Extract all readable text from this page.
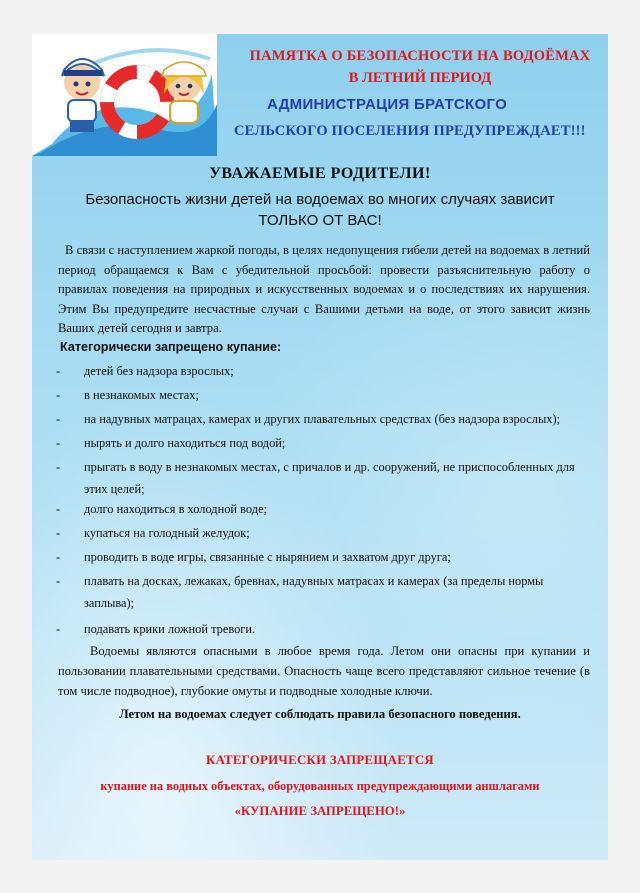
ПАМЯТКА О БЕЗОПАСНОСТИ НА ВОДОЁМАХ
В ЛЕТНИЙ ПЕРИОД
АДМИНИСТРАЦИЯ БРАТСКОГО
СЕЛЬСКОГО ПОСЕЛЕНИЯ ПРЕДУПРЕЖДАЕТ!!!
УВАЖАЕМЫЕ РОДИТЕЛИ!
Безопасность жизни детей на водоемах во многих случаях зависит ТОЛЬКО ОТ ВАС!
В связи с наступлением жаркой погоды, в целях недопущения гибели детей на водоемах в летний период обращаемся к Вам с убедительной просьбой: провести разъяснительную работу о правилах поведения на природных и искусственных водоемах и о последствиях их нарушения. Этим Вы предупредите несчастные случаи с Вашими детьми на воде, от этого зависит жизнь Ваших детей сегодня и завтра.
Категорически запрещено купание:
- детей без надзора взрослых;
- в незнакомых местах;
- на надувных матрацах, камерах и других плавательных средствах (без надзора взрослых);
- нырять и долго находиться под водой;
- прыгать в воду в незнакомых местах, с причалов и др. сооружений, не приспособленных для этих целей;
- долго находиться в холодной воде;
- купаться на голодный желудок;
- проводить в воде игры, связанные с нырянием и захватом друг друга;
- плавать на досках, лежаках, бревнах, надувных матрасах и камерах (за пределы нормы заплыва);
- подавать крики ложной тревоги.
Водоемы являются опасными в любое время года. Летом они опасны при купании и пользовании плавательными средствами. Опасность чаще всего представляют сильное течение (в том числе подводное), глубокие омуты и подводные холодные ключи.
Летом на водоемах следует соблюдать правила безопасного поведения.
КАТЕГОРИЧЕСКИ ЗАПРЕЩАЕТСЯ
купание на водных объектах, оборудованных предупреждающими аншлагами
«КУПАНИЕ ЗАПРЕЩЕНО!»
